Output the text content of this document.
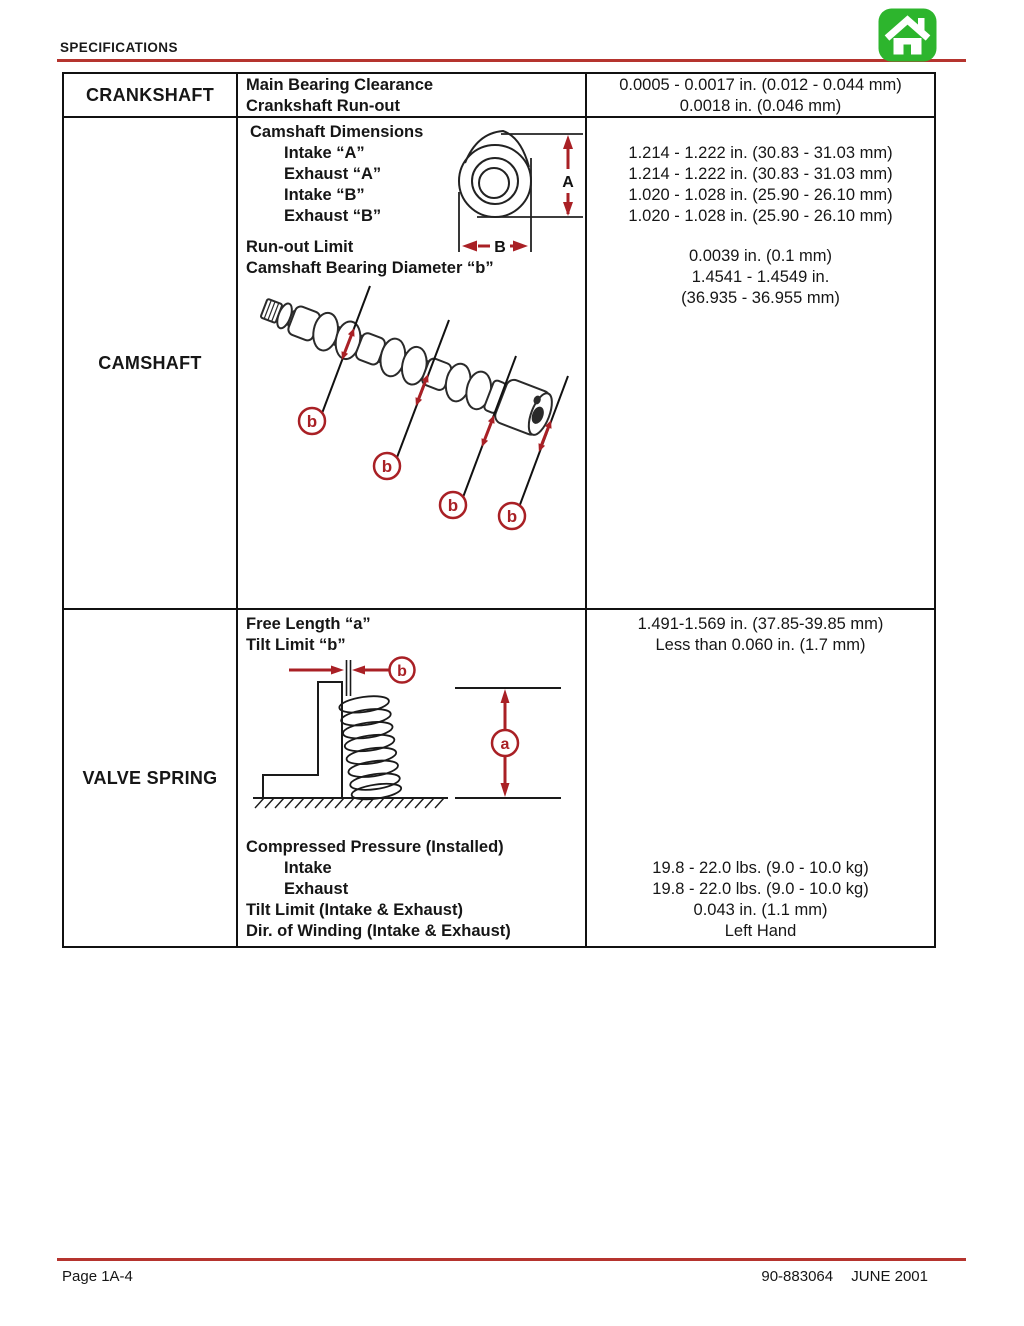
SPECIFICATIONS
CRANKSHAFT	Main Bearing Clearance
Crankshaft Run-out
0.0005 - 0.0017 in. (0.012 - 0.044 mm)
0.0018 in. (0.046 mm)
CAMSHAFT
Camshaft Dimensions
Intake “A”
Exhaust “A”
Intake “B”
Exhaust “B”
Run-out Limit
Camshaft Bearing Diameter “b”
A
B
b
b
b
b
1.214 - 1.222 in. (30.83 - 31.03 mm)
1.214 - 1.222 in. (30.83 - 31.03 mm)
1.020 - 1.028 in. (25.90 - 26.10 mm)
1.020 - 1.028 in. (25.90 - 26.10 mm)
0.0039 in. (0.1 mm)
1.4541 - 1.4549 in.
(36.935 - 36.955 mm)
VALVE SPRING
Free Length “a”
Tilt Limit “b”
b
a
Compressed Pressure (Installed)
Intake
Exhaust
Tilt Limit (Intake & Exhaust)
Dir. of Winding (Intake & Exhaust)
1.491-1.569 in. (37.85-39.85 mm)
Less than 0.060 in. (1.7 mm)
19.8 - 22.0 lbs. (9.0 - 10.0 kg)
19.8 - 22.0 lbs. (9.0 - 10.0 kg)
0.043 in. (1.1 mm)
Left Hand
Page 1A-4	90-883064 JUNE 2001
